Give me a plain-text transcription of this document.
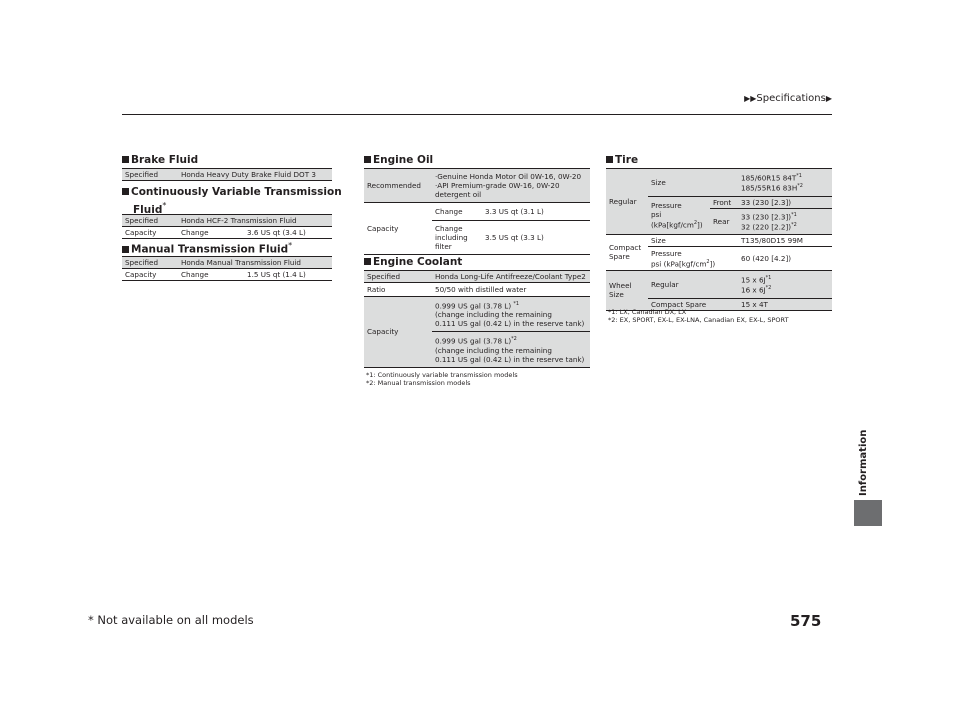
▶▶Specifications▶
Brake Fluid
Specified	Honda Heavy Duty Brake Fluid DOT 3
Continuously Variable Transmission
Fluid*
Specified	Honda HCF-2 Transmission Fluid	
Capacity	Change	3.6 US qt (3.4 L)
Manual Transmission Fluid*
Specified	Honda Manual Transmission Fluid	
Capacity	Change	1.5 US qt (1.4 L)
Engine Oil
Recommended	·Genuine Honda Motor Oil 0W-16, 0W-20
·API Premium-grade 0W-16, 0W-20
detergent oil	
Capacity	Change	3.3 US qt (3.1 L)
	Change
including
filter	3.5 US qt (3.3 L)
Engine Coolant
Specified	Honda Long-Life Antifreeze/Coolant Type2
Ratio	50/50 with distilled water
Capacity	0.999 US gal (3.78 L) $^{*1}$
(change including the remaining
0.111 US gal (0.42 L) in the reserve tank)
	0.999 US gal (3.78 L)$^{*2}$
(change including the remaining
0.111 US gal (0.42 L) in the reserve tank)
*1: Continuously variable transmission models
*2: Manual transmission models
Tire
Regular	Size		185/60R15 $84T^{*1}$
185/55R16 $83H^{*2}$
	Pressure
psi $(kPa[kgf/cm^2])$	Front	33 (230 [2.3])
		Rear	33 (230 [2.3])$^{*1}$
32 (220 [2.2])$^{*2}$
Compact
Spare	Size		T135/80D15 99M
	Pressure
psi $(kPa[kgf/cm^2])$		60 (420 [4.2])
Wheel Size	Regular		15 x $6J^{*1}$
16 x $6J^{*2}$
	Compact Spare		15 x 4T
*1: LX, Canadian DX, LX
*2: EX, SPORT, EX-L, EX-LNA, Canadian EX, EX-L, SPORT
Information
575
* Not available on all models
